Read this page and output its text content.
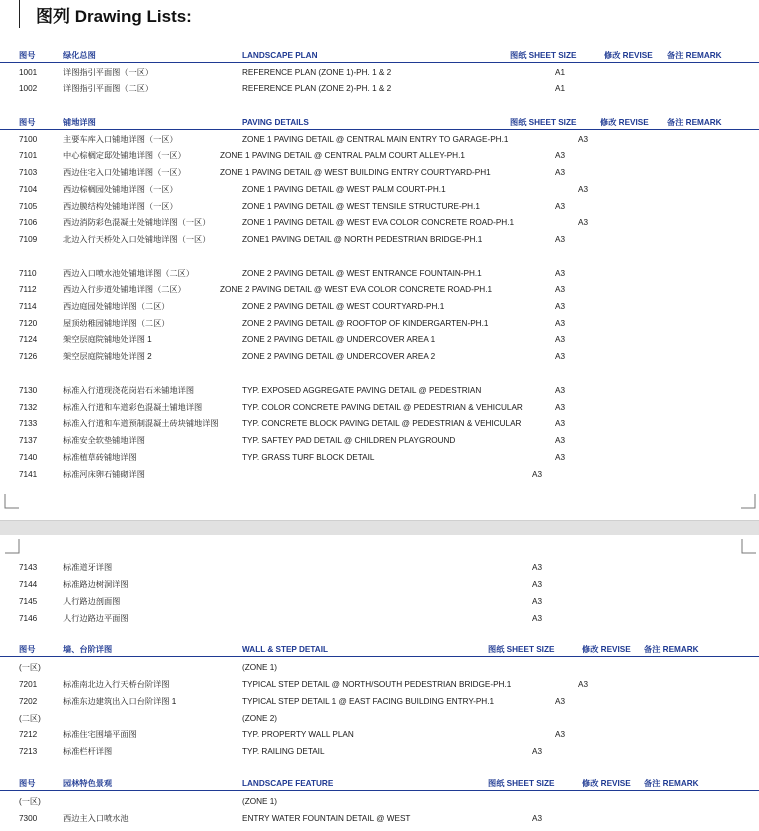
图列 Drawing Lists:
图号	绿化总图	LANDSCAPE PLAN	图纸 SHEET SIZE	修改 REVISE 备注 REMARK
1001	详图指引平面图（一区）	REFERENCE PLAN (ZONE 1)-PH. 1 & 2	A1
1002	详图指引平面图（二区）	REFERENCE PLAN (ZONE 2)-PH. 1 & 2	A1
图号	铺地详图	PAVING DETAILS	图纸 SHEET SIZE	修改 REVISE 备注 REMARK
7100	主要车库入口铺地详图（一区）	ZONE 1 PAVING DETAIL @ CENTRAL MAIN ENTRY TO GARAGE-PH.1	A3
7101	中心棕榈定邸处铺地详图（一区）	ZONE 1 PAVING DETAIL @ CENTRAL PALM COURT ALLEY-PH.1	A3
7103	西边住宅入口处铺地详图（一区）	ZONE 1 PAVING DETAIL @ WEST BUILDING ENTRY COURTYARD-PH1	A3
7104	西边棕榈园处铺地详图（一区）	ZONE 1 PAVING DETAIL @ WEST PALM COURT-PH.1	A3
7105	西边膜结构处铺地详图（一区）	ZONE 1 PAVING DETAIL @ WEST TENSILE STRUCTURE-PH.1	A3
7106	西边消防彩色混凝土处铺地详图（一区）	ZONE 1 PAVING DETAIL @ WEST EVA COLOR CONCRETE ROAD-PH.1	A3
7109	北边入行天桥处入口处铺地详图（一区）	ZONE1 PAVING DETAIL @ NORTH PEDESTRIAN BRIDGE-PH.1	A3
7110	西边入口喷水池处铺地详图（二区）	ZONE 2 PAVING DETAIL @ WEST ENTRANCE FOUNTAIN-PH.1	A3
7112	西边入行步道处铺地详图（二区）	ZONE 2 PAVING DETAIL @ WEST EVA COLOR CONCRETE ROAD-PH.1	A3
7114	西边庭园处铺地详图（二区）	ZONE 2 PAVING DETAIL @ WEST COURTYARD-PH.1	A3
7120	屋顶幼稚园铺地详图（二区）	ZONE 2 PAVING DETAIL @ ROOFTOP OF KINDERGARTEN-PH.1	A3
7124	架空层庭院铺地处详图 1	ZONE 2 PAVING DETAIL @ UNDERCOVER AREA 1	A3
7126	架空层庭院铺地处详图 2	ZONE 2 PAVING DETAIL @ UNDERCOVER AREA 2	A3
7130	标准入行道现浇花岗岩石米铺地详图	TYP. EXPOSED AGGREGATE PAVING DETAIL @ PEDESTRIAN	A3
7132	标准入行道和车道彩色混凝土铺地详图	TYP. COLOR CONCRETE PAVING DETAIL @ PEDESTRIAN & VEHICULAR	A3
7133	标准入行道和车道预制混凝土砖块铺地详图	TYP. CONCRETE BLOCK PAVING DETAIL @ PEDESTRIAN & VEHICULAR	A3
7137	标准安全软垫铺地详图	TYP. SAFTEY PAD DETAIL @ CHILDREN PLAYGROUND	A3
7140	标准植草砖铺地详图	TYP. GRASS TURF BLOCK DETAIL	A3
7141	标准河床卵石铺砌详图	A3
7143	标准道牙详图	A3
7144	标准路边树洞详图	A3
7145	人行路边剖面图	A3
7146	人行边路边平面图	A3
图号	墙、台阶详图	WALL & STEP DETAIL	图纸 SHEET SIZE	修改 REVISE 备注 REMARK
(一区)	(ZONE 1)
7201	标准南北边入行天桥台阶详图	TYPICAL STEP DETAIL @ NORTH/SOUTH PEDESTRIAN BRIDGE-PH.1	A3
7202	标准东边建筑出入口台阶详图 1	TYPICAL STEP DETAIL 1 @ EAST FACING BUILDING ENTRY-PH.1	A3
(二区)	(ZONE 2)
7212	标准住宅围墙平面图	TYP. PROPERTY WALL PLAN	A3
7213	标准栏杆详图	TYP. RAILING DETAIL	A3
图号	园林特色景观	LANDSCAPE FEATURE	图纸 SHEET SIZE	修改 REVISE 备注 REMARK
(一区)	(ZONE 1)
7300	西边主入口喷水池	ENTRY WATER FOUNTAIN DETAIL @ WEST	A3
